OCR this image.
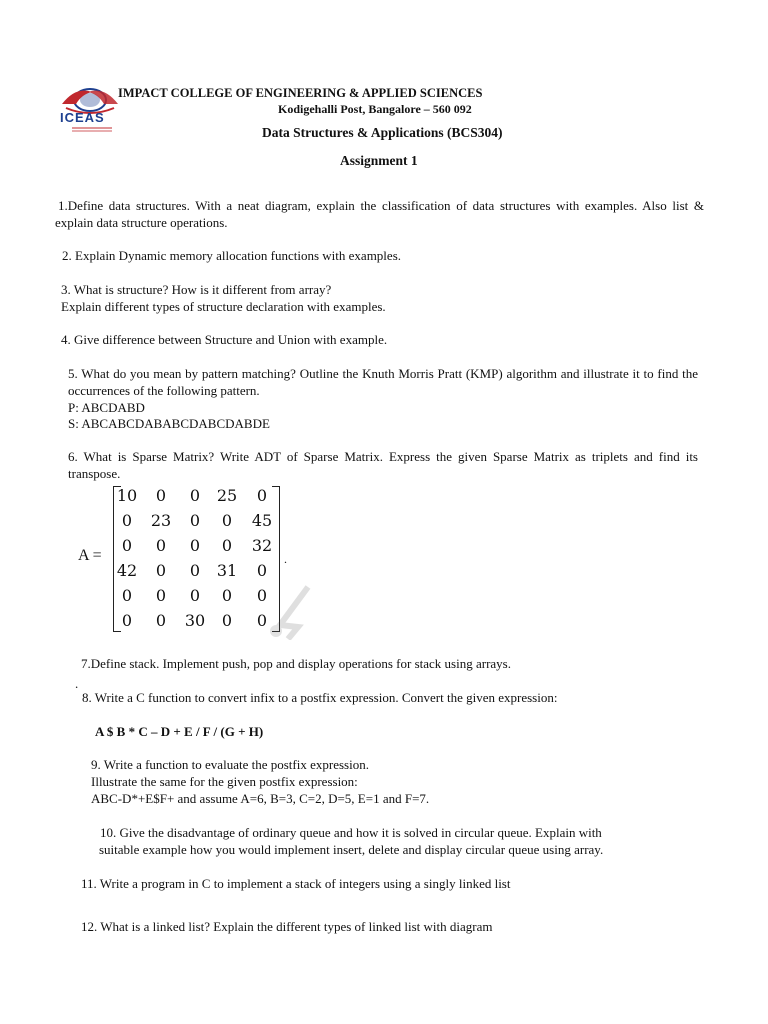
ICEAS
IMPACT COLLEGE OF ENGINEERING & APPLIED SCIENCES
Kodigehalli Post, Bangalore – 560 092
Data Structures & Applications (BCS304)
Assignment 1
1.Define data structures. With a neat diagram, explain the classification of data structures with examples. Also list & explain data structure operations.
2. Explain Dynamic memory allocation functions with examples.
3. What is structure? How is it different from array?
Explain different types of structure declaration with examples.
4. Give difference between Structure and Union with example.
5. What do you mean by pattern matching? Outline the Knuth Morris Pratt (KMP) algorithm and illustrate it to find the occurrences of the following pattern.
P: ABCDABD
S: ABCABCDABABCDABCDABDE
6. What is Sparse Matrix? Write ADT of Sparse Matrix. Express the given Sparse Matrix as triplets and find its transpose.
A =
10	0	0	25	0
0	23	0	0	45
0	0	0	0	32
42	0	0	31	0
0	0	0	0	0
0	0	30	0	0
.
7.Define stack. Implement push, pop and display operations for stack using arrays.
.
8. Write a C function to convert infix to a postfix expression. Convert the given expression:
A $ B * C – D + E / F / (G + H)
9. Write a function to evaluate the postfix expression.
Illustrate the same for the given postfix expression:
ABC-D*+E$F+ and assume A=6, B=3, C=2, D=5, E=1 and F=7.
10. Give the disadvantage of ordinary queue and how it is solved in circular queue. Explain with
suitable example how you would implement insert, delete and display circular queue using array.
11. Write a program in C to implement a stack of integers using a singly linked list
12. What is a linked list? Explain the different types of linked list with diagram
